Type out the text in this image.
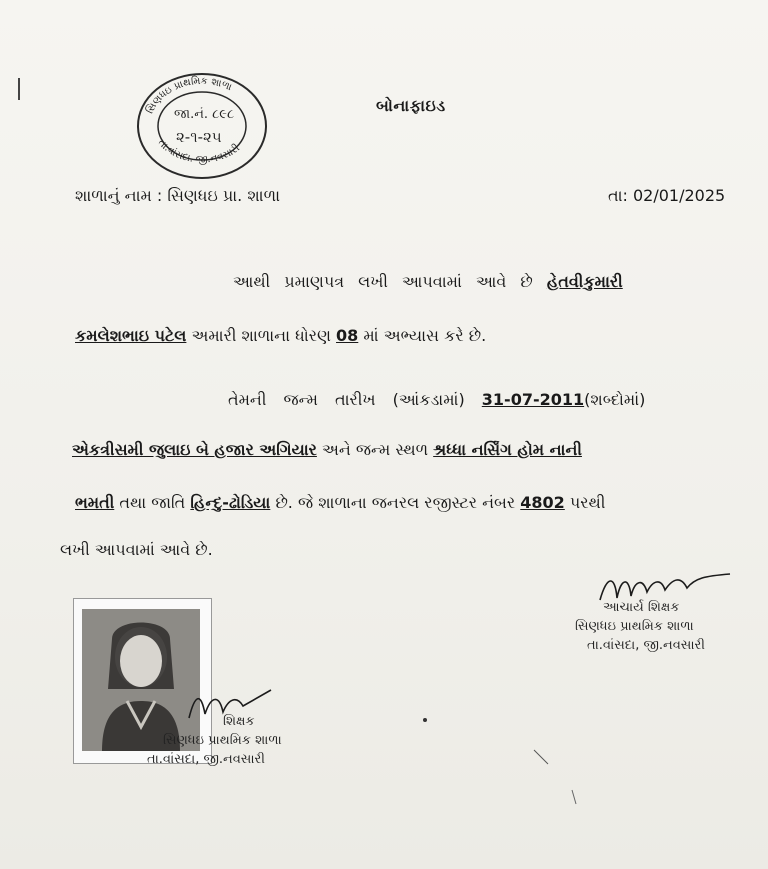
સિણધઇ પ્રાથમિક શાળા
તા.વાંસદા. જી.નવસારી
જા.નં. ૮૯૮
૨-૧-૨૫
બોનાફાઇડ
શાળાનું નામ : સિણધઇ પ્રા. શાળા	તા: 02/01/2025
આથી પ્રમાણપત્ર લખી આપવામાં આવે છે હેતવીકુમારી
કમલેશભાઇ પટેલ અમારી શાળાના ધોરણ 08 માં અભ્યાસ કરે છે.
તેમની જન્મ તારીખ (આંકડામાં) 31-07-2011(શબ્દોમાં)
એકત્રીસમી જુલાઇ બે હજાર અગિયાર અને જન્મ સ્થળ શ્રધ્ધા નર્સિંગ હોમ નાની
ભમતી તથા જાતિ હિન્દુ-ઢોડિયા છે. જે શાળાના જનરલ રજીસ્ટર નંબર 4802 પરથી
લખી આપવામાં આવે છે.
આચાર્ય શિક્ષક
સિણધઇ પ્રાથમિક શાળા
તા.વાંસદા, જી.નવસારી
શિક્ષક
સિણધઇ પ્રાથમિક શાળા
તા.વાંસદા, જી.નવસારી
